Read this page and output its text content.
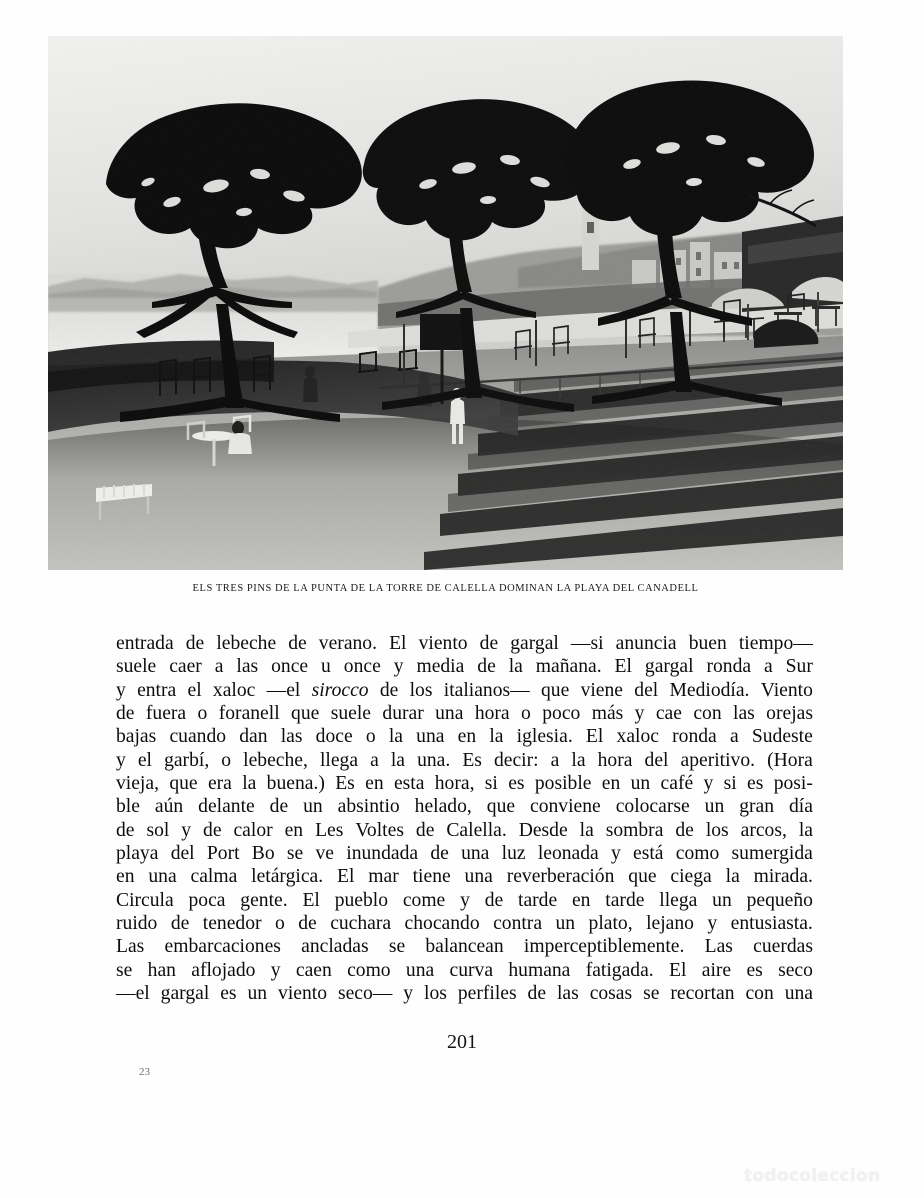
ELS TRES PINS DE LA PUNTA DE LA TORRE DE CALELLA DOMINAN LA PLAYA DEL CANADELL
entrada de lebeche de verano. El viento de gargal —si anuncia buen tiempo—
suele caer a las once u once y media de la mañana. El gargal ronda a Sur
y entra el xaloc —el sirocco de los italianos— que viene del Mediodía. Viento
de fuera o foranell que suele durar una hora o poco más y cae con las orejas
bajas cuando dan las doce o la una en la iglesia. El xaloc ronda a Sudeste
y el garbí, o lebeche, llega a la una. Es decir: a la hora del aperitivo. (Hora
vieja, que era la buena.) Es en esta hora, si es posible en un café y si es posi-
ble aún delante de un absintio helado, que conviene colocarse un gran día
de sol y de calor en Les Voltes de Calella. Desde la sombra de los arcos, la
playa del Port Bo se ve inundada de una luz leonada y está como sumergida
en una calma letárgica. El mar tiene una reverberación que ciega la mirada.
Circula poca gente. El pueblo come y de tarde en tarde llega un pequeño
ruido de tenedor o de cuchara chocando contra un plato, lejano y entusiasta.
Las embarcaciones ancladas se balancean imperceptiblemente. Las cuerdas
se han aflojado y caen como una curva humana fatigada. El aire es seco
—el gargal es un viento seco— y los perfiles de las cosas se recortan con una
201
23
todocoleccion
